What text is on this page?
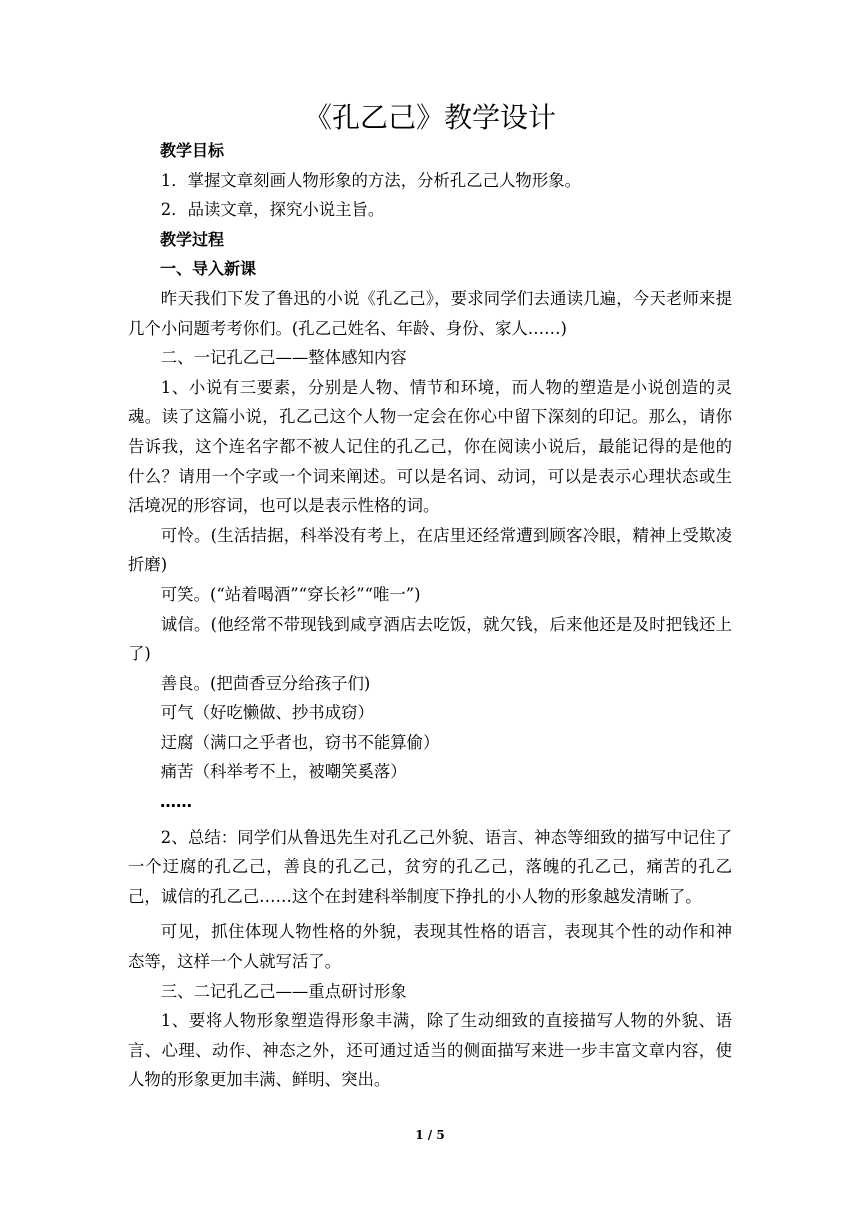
《孔乙己》教学设计

教学目标

1．掌握文章刻画人物形象的方法，分析孔乙己人物形象。

2．品读文章，探究小说主旨。

教学过程

一、导入新课

昨天我们下发了鲁迅的小说《孔乙己》，要求同学们去通读几遍，今天老师来提几个小问题考考你们。(孔乙己姓名、年龄、身份、家人……)

二、一记孔乙己——整体感知内容

1、小说有三要素，分别是人物、情节和环境，而人物的塑造是小说创造的灵魂。读了这篇小说，孔乙己这个人物一定会在你心中留下深刻的印记。那么，请你告诉我，这个连名字都不被人记住的孔乙己，你在阅读小说后，最能记得的是他的什么？请用一个字或一个词来阐述。可以是名词、动词，可以是表示心理状态或生活境况的形容词，也可以是表示性格的词。

可怜。(生活拮据，科举没有考上，在店里还经常遭到顾客冷眼，精神上受欺凌折磨)

可笑。(“站着喝酒”“穿长衫”“唯一”)

诚信。(他经常不带现钱到咸亨酒店去吃饭，就欠钱，后来他还是及时把钱还上了)

善良。(把茴香豆分给孩子们)

可气（好吃懒做、抄书成窃）

迂腐（满口之乎者也，窃书不能算偷）

痛苦（科举考不上，被嘲笑奚落）

……

2、总结：同学们从鲁迅先生对孔乙己外貌、语言、神态等细致的描写中记住了一个迂腐的孔乙己，善良的孔乙己，贫穷的孔乙己，落魄的孔乙己，痛苦的孔乙己，诚信的孔乙己……这个在封建科举制度下挣扎的小人物的形象越发清晰了。

可见，抓住体现人物性格的外貌，表现其性格的语言，表现其个性的动作和神态等，这样一个人就写活了。

三、二记孔乙己——重点研讨形象

1、要将人物形象塑造得形象丰满，除了生动细致的直接描写人物的外貌、语言、心理、动作、神态之外，还可通过适当的侧面描写来进一步丰富文章内容，使人物的形象更加丰满、鲜明、突出。

1 / 5
